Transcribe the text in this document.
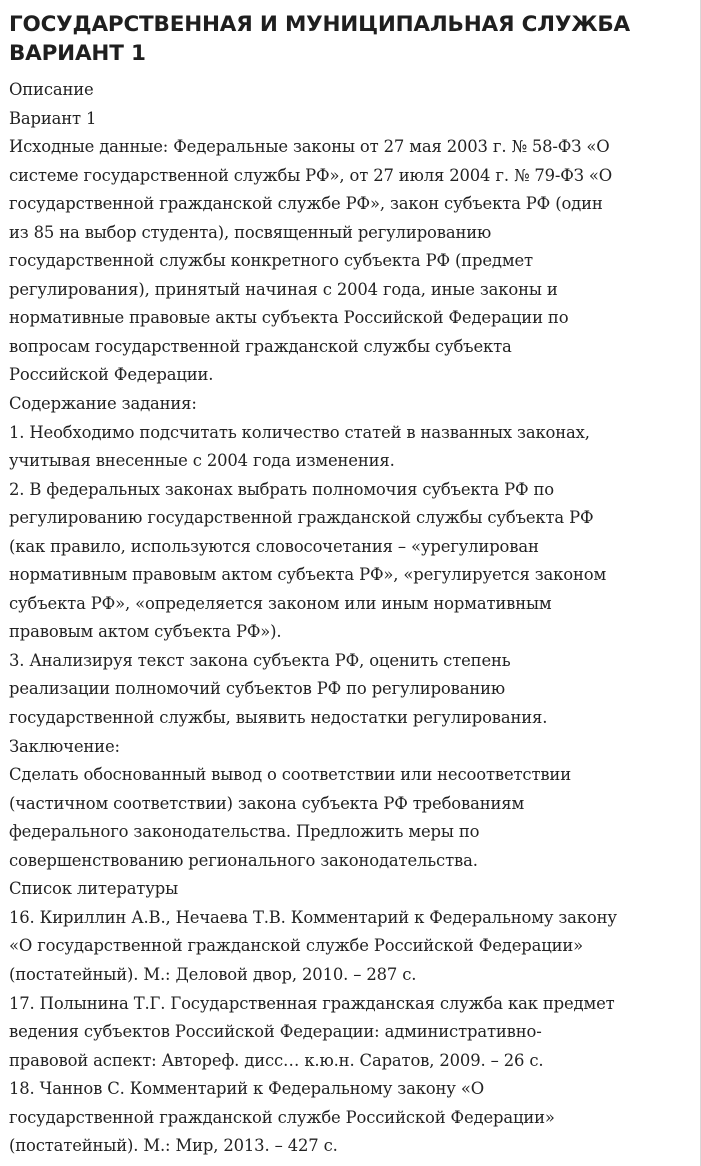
ГОСУДАРСТВЕННАЯ И МУНИЦИПАЛЬНАЯ СЛУЖБА
ВАРИАНТ 1

Описание

Вариант 1

Исходные данные: Федеральные законы от 27 мая 2003 г. № 58-ФЗ «О
системе государственной службы РФ», от 27 июля 2004 г. № 79-ФЗ «О
государственной гражданской службе РФ», закон субъекта РФ (один
из 85 на выбор студента), посвященный регулированию
государственной службы конкретного субъекта РФ (предмет
регулирования), принятый начиная с 2004 года, иные законы и
нормативные правовые акты субъекта Российской Федерации по
вопросам государственной гражданской службы субъекта
Российской Федерации.

Содержание задания:

1. Необходимо подсчитать количество статей в названных законах,
учитывая внесенные с 2004 года изменения.

2. В федеральных законах выбрать полномочия субъекта РФ по
регулированию государственной гражданской службы субъекта РФ
(как правило, используются словосочетания – «урегулирован
нормативным правовым актом субъекта РФ», «регулируется законом
субъекта РФ», «определяется законом или иным нормативным
правовым актом субъекта РФ»).

3. Анализируя текст закона субъекта РФ, оценить степень
реализации полномочий субъектов РФ по регулированию
государственной службы, выявить недостатки регулирования.

Заключение:

Сделать обоснованный вывод о соответствии или несоответствии
(частичном соответствии) закона субъекта РФ требованиям
федерального законодательства. Предложить меры по
совершенствованию регионального законодательства.

Список литературы

16. Кириллин А.В., Нечаева Т.В. Комментарий к Федеральному закону
«О государственной гражданской службе Российской Федерации»
(постатейный). М.: Деловой двор, 2010. – 287 с.

17. Полынина Т.Г. Государственная гражданская служба как предмет
ведения субъектов Российской Федерации: административно-
правовой аспект: Автореф. дисс… к.ю.н. Саратов, 2009. – 26 с.

18. Чаннов С. Комментарий к Федеральному закону «О
государственной гражданской службе Российской Федерации»
(постатейный). М.: Мир, 2013. – 427 с.
